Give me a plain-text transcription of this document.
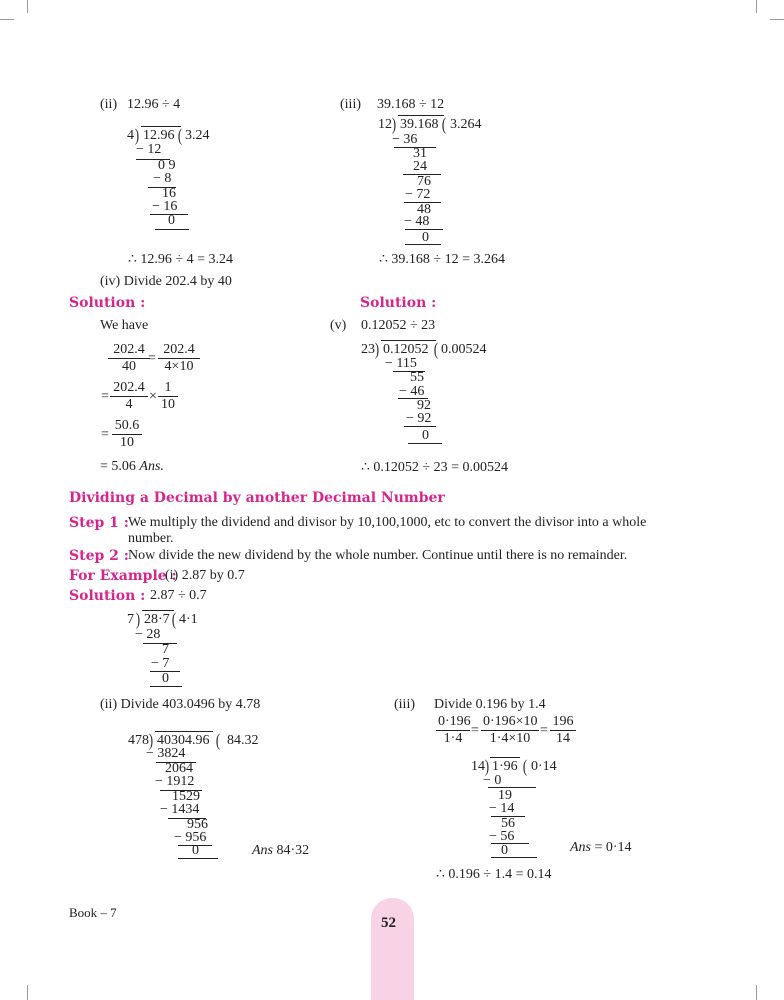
(ii) 12.96 ÷ 4
4 ) 12.96 ( 3.24
− 12
0 9
− 8
16
− 16
0
∴ 12.96 ÷ 4 = 3.24
(iii) 39.168 ÷ 12
12 ) 39.168 ( 3.264
− 36
31
24
76
− 72
48
− 48
0
∴ 39.168 ÷ 12 = 3.264
(iv) Divide 202.4 by 40
Solution :
We have
$\frac{202.4}{40}$
= $\frac{202.4}{4\times 10}$
= $\frac{202.4}{4} \times \frac{1}{10}$
= $\frac{50.6}{10}$
= 5.06 Ans.
Solution :
(v) 0.12052 ÷ 23
23 ) 0.12052 ( 0.00524
− 115
55
− 46
92
− 92
0
∴ 0.12052 ÷ 23 = 0.00524
Dividing a Decimal by another Decimal Number
Step 1 : We multiply the dividend and divisor by 10,100,1000, etc to convert the divisor into a whole
number.
Step 2 : Now divide the new dividend by the whole number. Continue until there is no remainder.
For Example :
(i) 2.87 by 0.7
Solution : 2.87 ÷ 0.7
7 ) 28·7 ( 4·1
− 28
7
− 7
0
(ii) Divide 403.0496 by 4.78
478 ) 40304.96 ( 84.32
− 3824
2064
− 1912
1529
− 1434
956
− 956
0	Ans 84·32
(iii) Divide 0.196 by 1.4
$\frac{0\cdot 196}{1\cdot 4} = \frac{0\cdot 196\times 10}{1\cdot 4\times 10} = \frac{196}{14}$
14 ) 1·96 ( 0·14
− 0
19
− 14
56
− 56
0	Ans = 0·14
∴ 0.196 ÷ 1.4 = 0.14
Book – 7
52
